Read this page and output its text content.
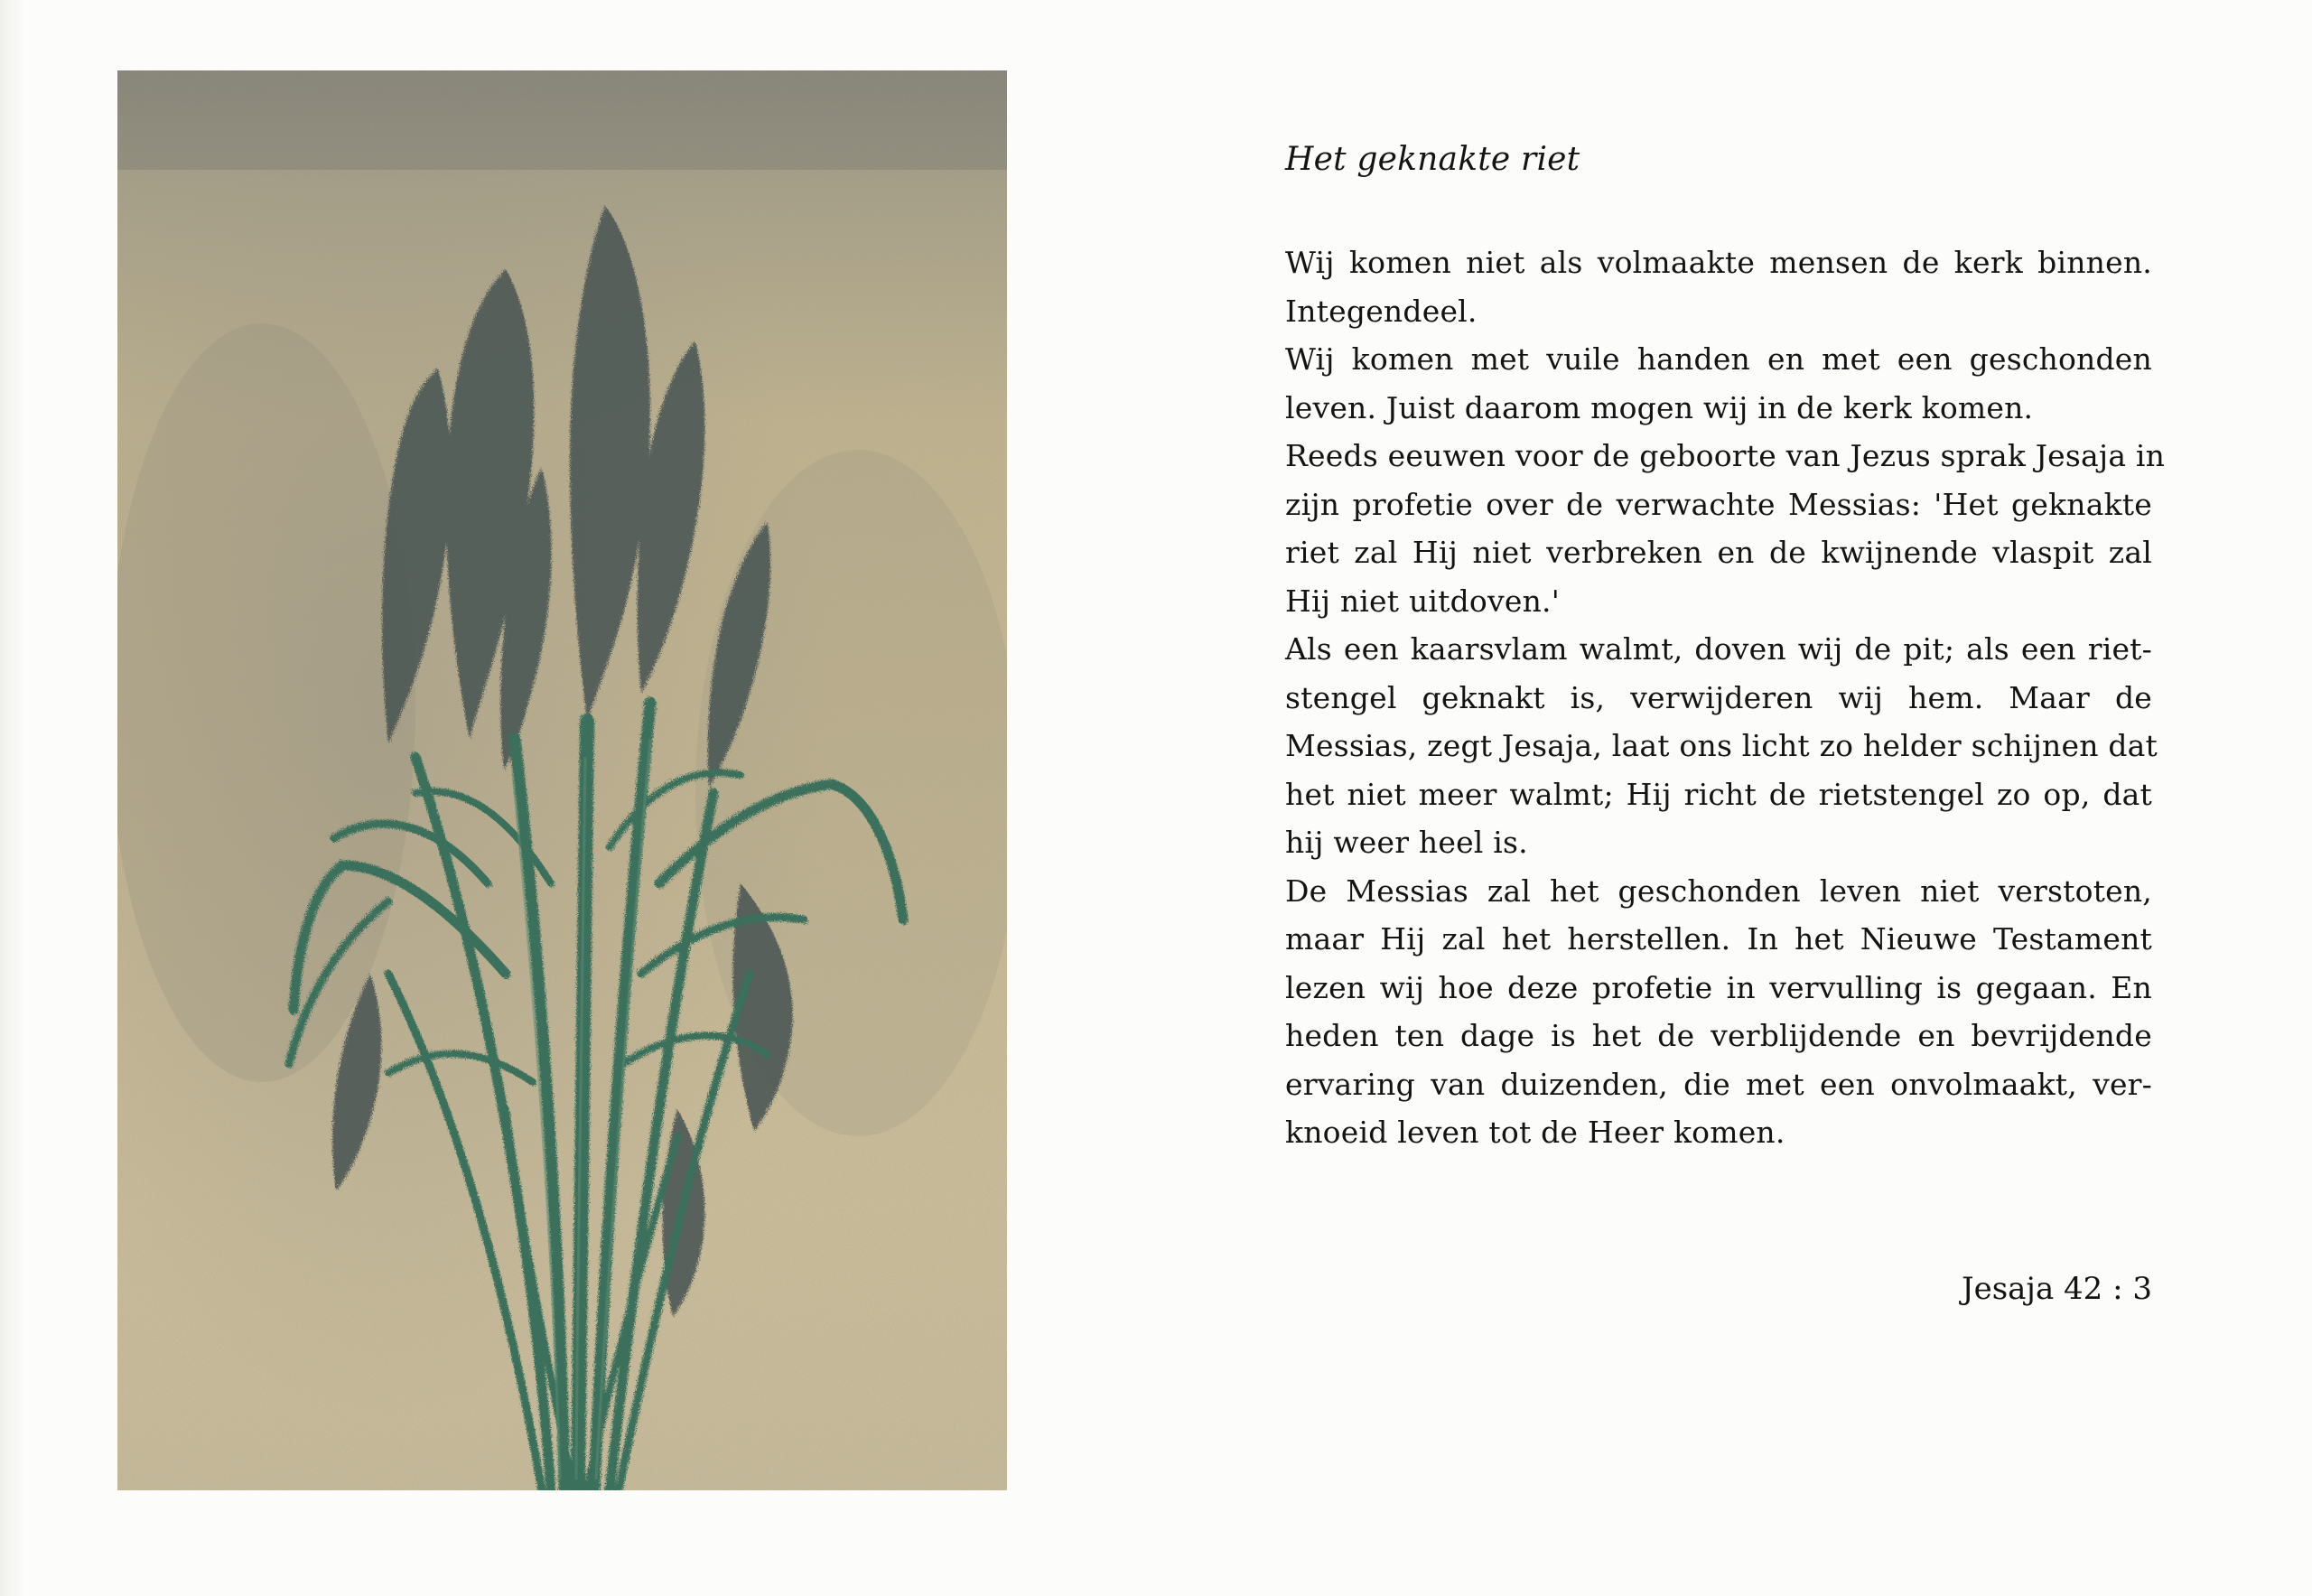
Het geknakte riet

Wij komen niet als volmaakte mensen de kerk binnen.
Integendeel.
Wij komen met vuile handen en met een geschonden
leven. Juist daarom mogen wij in de kerk komen.
Reeds eeuwen voor de geboorte van Jezus sprak Jesaja in
zijn profetie over de verwachte Messias: 'Het geknakte
riet zal Hij niet verbreken en de kwijnende vlaspit zal
Hij niet uitdoven.'
Als een kaarsvlam walmt, doven wij de pit; als een riet-
stengel geknakt is, verwijderen wij hem. Maar de
Messias, zegt Jesaja, laat ons licht zo helder schijnen dat
het niet meer walmt; Hij richt de rietstengel zo op, dat
hij weer heel is.
De Messias zal het geschonden leven niet verstoten,
maar Hij zal het herstellen. In het Nieuwe Testament
lezen wij hoe deze profetie in vervulling is gegaan. En
heden ten dage is het de verblijdende en bevrijdende
ervaring van duizenden, die met een onvolmaakt, ver-
knoeid leven tot de Heer komen.

Jesaja 42 : 3
